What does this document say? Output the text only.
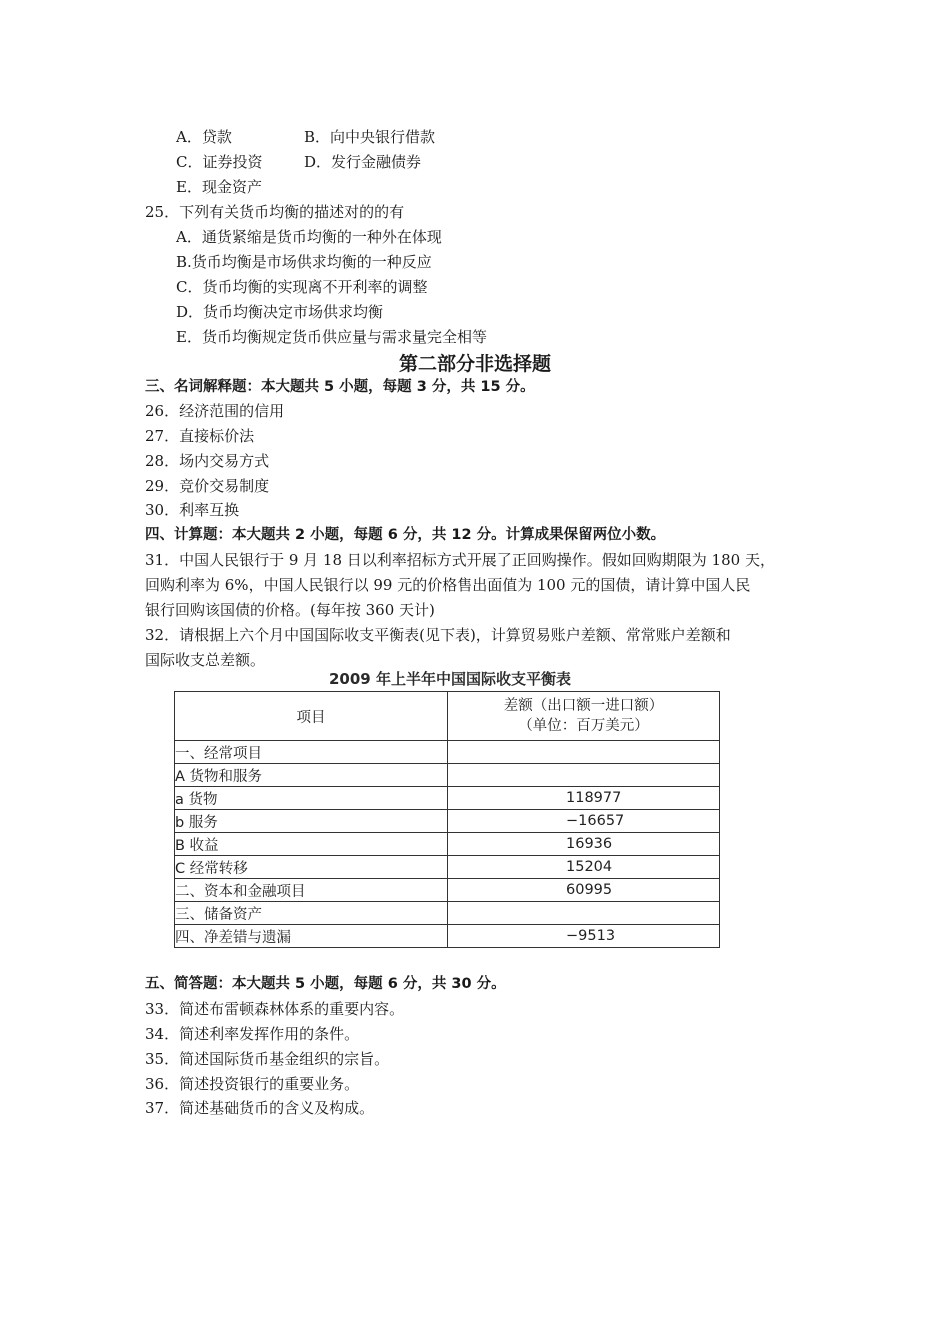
A．贷款	B．向中央银行借款
C．证券投资	D．发行金融债券
E．现金资产
25．下列有关货币均衡的描述对的的有
A．通货紧缩是货币均衡的一种外在体现
B.货币均衡是市场供求均衡的一种反应
C．货币均衡的实现离不开利率的调整
D．货币均衡决定市场供求均衡
E．货币均衡规定货币供应量与需求量完全相等
第二部分非选择题
三、名词解释题：本大题共 5 小题，每题 3 分，共 15 分。
26．经济范围的信用
27．直接标价法
28．场内交易方式
29．竞价交易制度
30．利率互换
四、计算题：本大题共 2 小题，每题 6 分，共 12 分。计算成果保留两位小数。
31．中国人民银行于 9 月 18 日以利率招标方式开展了正回购操作。假如回购期限为 180 天，
回购利率为 6%，中国人民银行以 99 元的价格售出面值为 100 元的国债，请计算中国人民
银行回购该国债的价格。(每年按 360 天计)
32．请根据上六个月中国国际收支平衡表(见下表)，计算贸易账户差额、常常账户差额和
国际收支总差额。
2009 年上半年中国国际收支平衡表
项目	差额（出口额一进口额）
（单位：百万美元）

一、经常项目	
A 货物和服务	
a 货物	118977
b 服务	−16657
B 收益	16936
C 经常转移	15204
二、资本和金融项目	60995
三、储备资产	
四、净差错与遗漏	−9513
五、简答题：本大题共 5 小题，每题 6 分，共 30 分。
33．简述布雷顿森林体系的重要内容。
34．简述利率发挥作用的条件。
35．简述国际货币基金组织的宗旨。
36．简述投资银行的重要业务。
37．简述基础货币的含义及构成。
